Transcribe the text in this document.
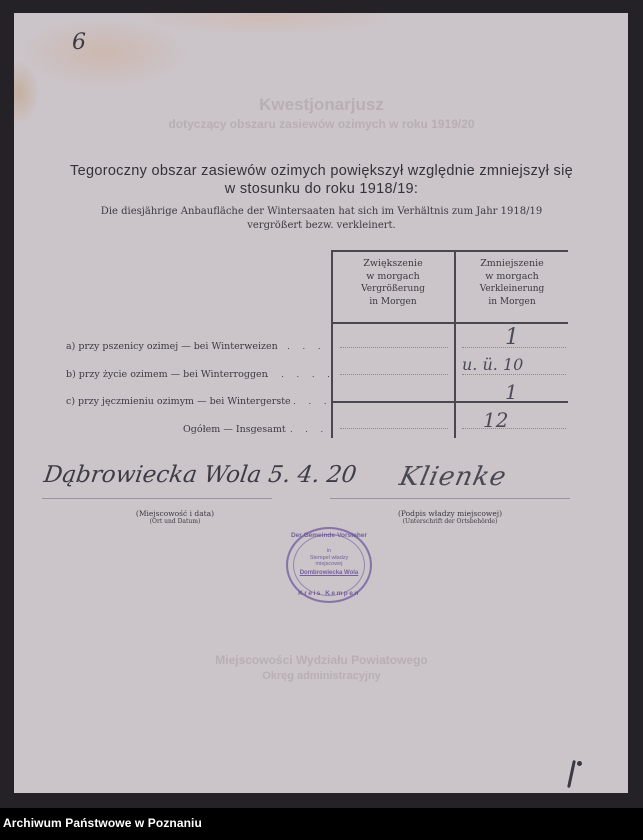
6
Kwestjonarjusz
dotyczący obszaru zasiewów ozimych w roku 1919/20
Miejscowości Wydziału Powiatowego
Okręg administracyjny
Tegoroczny obszar zasiewów ozimych powiększył względnie zmniejszył się
w stosunku do roku 1918/19:
Die diesjährige Anbaufläche der Wintersaaten hat sich im Verhältnis zum Jahr 1918/19
vergrößert bezw. verkleinert.
Zwiększenie
w morgach
Vergrößerung
in Morgen
Zmniejszenie
w morgach
Verkleinerung
in Morgen
1
u. ü. 10
1
12
a) przy pszenicy ozimej — bei Winterweizen
. . . .
b) przy życie ozimem — bei Winterroggen
. . . . .
c) przy jęczmieniu ozimym — bei Wintergerste
. . . .
Ogółem — Insgesamt . . .
Dąbrowiecka Wola 5. 4. 20
(Miejscowość i data)
(Ort und Datum)
Klienke
(Podpis władzy miejscowej)
(Unterschrift der Ortsbehörde)
Der Gemeinde-Vorsteher
in
Stempel władzy
miejscowej
Dombrowiecka Wola
Kreis Kempen
Archiwum Państwowe w Poznaniu
